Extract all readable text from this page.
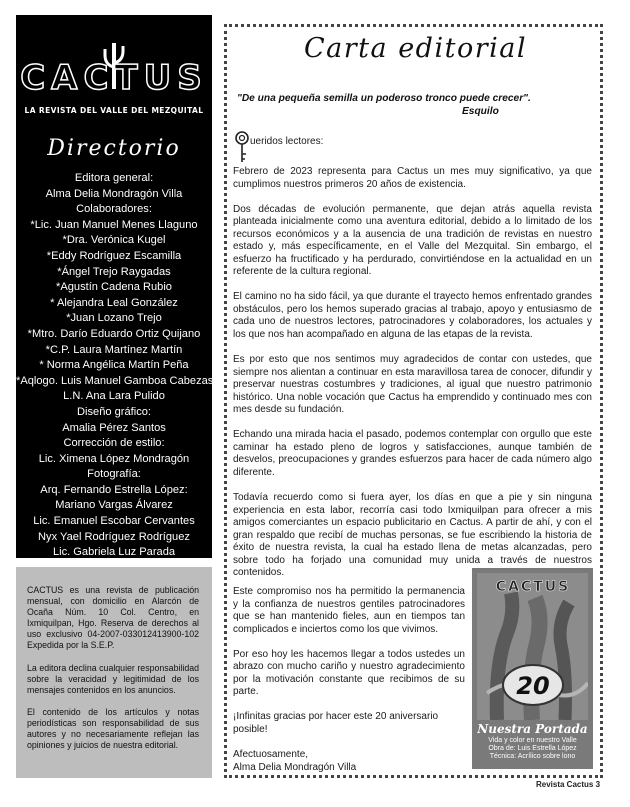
CACTUS
LA REVISTA DEL VALLE DEL MEZQUITAL
Directorio
Editora general:
Alma Delia Mondragón Villa
Colaboradores:
*Lic. Juan Manuel Menes Llaguno
*Dra. Verónica Kugel
*Eddy Rodríguez Escamilla
*Ángel Trejo Raygadas
*Agustín Cadena Rubio
* Alejandra Leal González
*Juan Lozano Trejo
*Mtro. Darío Eduardo Ortiz Quijano
*C.P. Laura Martínez Martín
* Norma Angélica Martín Peña
*Aqlogo. Luis Manuel Gamboa Cabezas
L.N. Ana Lara Pulido
Diseño gráfico:
Amalia Pérez Santos
Corrección de estilo:
Lic. Ximena López Mondragón
Fotografía:
Arq. Fernando Estrella López:
Mariano Vargas Álvarez
Lic. Emanuel Escobar Cervantes
Nyx Yael Rodríguez Rodríguez
Lic. Gabriela Luz Parada

CACTUS es una revista de publicación mensual, con domicilio en Alarcón de Ocaña Núm. 10 Col. Centro, en Ixmiquilpan, Hgo. Reserva de derechos al uso exclusivo 04-2007-033012413900-102 Expedida por la S.E.P.

La editora declina cualquier responsabilidad sobre la veracidad y legitimidad de los mensajes contenidos en los anuncios.

El contenido de los artículos y notas periodísticas son responsabilidad de sus autores y no necesariamente reflejan las opiniones y juicios de nuestra editorial.

Carta editorial
"De una pequeña semilla un poderoso tronco puede crecer".
Esquilo
ueridos lectores:

Febrero de 2023 representa para Cactus un mes muy significativo, ya que cumplimos nuestros primeros 20 años de existencia.

Dos décadas de evolución permanente, que dejan atrás aquella revista planteada inicialmente como una aventura editorial, debido a lo limitado de los recursos económicos y a la ausencia de una tradición de revistas en nuestro estado y, más específicamente, en el Valle del Mezquital. Sin embargo, el esfuerzo ha fructificado y ha perdurado, convirtiéndose en la actualidad en un referente de la cultura regional.

El camino no ha sido fácil, ya que durante el trayecto hemos enfrentado grandes obstáculos, pero los hemos superado gracias al trabajo, apoyo y entusiasmo de cada uno de nuestros lectores, patrocinadores y colaboradores, los actuales y los que nos han acompañado en alguna de las etapas de la revista.

Es por esto que nos sentimos muy agradecidos de contar con ustedes, que siempre nos alientan a continuar en esta maravillosa tarea de conocer, difundir y preservar nuestras costumbres y tradiciones, al igual que nuestro patrimonio histórico. Una noble vocación que Cactus ha emprendido y continuado mes con mes desde su fundación.

Echando una mirada hacia el pasado, podemos contemplar con orgullo que este caminar ha estado pleno de logros y satisfacciones, aunque también de desvelos, preocupaciones y grandes esfuerzos para hacer de cada número algo diferente.

Todavía recuerdo como si fuera ayer, los días en que a pie y sin ninguna experiencia en esta labor, recorría casi todo Ixmiquilpan para ofrecer a mis amigos comerciantes un espacio publicitario en Cactus. A partir de ahí, y con el gran respaldo que recibí de muchas personas, se fue escribiendo la historia de éxito de nuestra revista, la cual ha estado llena de metas alcanzadas, pero sobre todo ha forjado una comunidad muy unida a través de nuestros contenidos.

Este compromiso nos ha permitido la permanencia y la confianza de nuestros gentiles patrocinadores que se han mantenido fieles, aun en tiempos tan complicados e inciertos como los que vivimos.

Por eso hoy les hacemos llegar a todos ustedes un abrazo con mucho cariño y nuestro agradecimiento por la motivación constante que recibimos de su parte.

¡Infinitas gracias por hacer este 20 aniversario posible!

Afectuosamente,
Alma Delia Mondragón Villa
20
CACTUS
Nuestra Portada
Vida y color en nuestro Valle
Obra de: Luis Estrella López
Técnica: Acrílico sobre lono
Revista Cactus 3
